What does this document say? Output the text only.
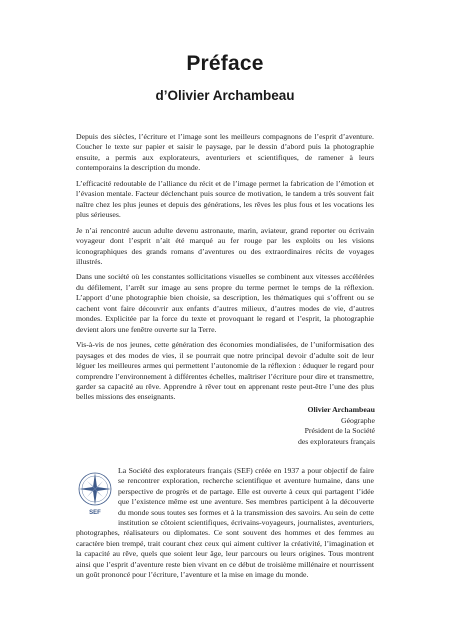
Préface
d’Olivier Archambeau

Depuis des siècles, l’écriture et l’image sont les meilleurs compagnons de l’esprit d’aventure. Coucher le texte sur papier et saisir le paysage, par le dessin d’abord puis la photographie ensuite, a permis aux explorateurs, aventuriers et scientifiques, de ramener à leurs contemporains la description du monde.

L’efficacité redoutable de l’alliance du récit et de l’image permet la fabrication de l’émotion et l’évasion mentale. Facteur déclenchant puis source de motivation, le tandem a très souvent fait naître chez les plus jeunes et depuis des générations, les rêves les plus fous et les vocations les plus sérieuses.

Je n’ai rencontré aucun adulte devenu astronaute, marin, aviateur, grand reporter ou écrivain voyageur dont l’esprit n’ait été marqué au fer rouge par les exploits ou les visions iconographiques des grands romans d’aventures ou des extraordinaires récits de voyages illustrés.

Dans une société où les constantes sollicitations visuelles se combinent aux vitesses accélérées du défilement, l’arrêt sur image au sens propre du terme permet le temps de la réflexion. L’apport d’une photographie bien choisie, sa description, les thématiques qui s’offrent ou se cachent vont faire découvrir aux enfants d’autres milieux, d’autres modes de vie, d’autres mondes. Explicitée par la force du texte et provoquant le regard et l’esprit, la photographie devient alors une fenêtre ouverte sur la Terre.

Vis-à-vis de nos jeunes, cette génération des économies mondialisées, de l’uniformisation des paysages et des modes de vies, il se pourrait que notre principal devoir d’adulte soit de leur léguer les meilleures armes qui permettent l’autonomie de la réflexion : éduquer le regard pour comprendre l’environnement à différentes échelles, maîtriser l’écriture pour dire et transmettre, garder sa capacité au rêve. Apprendre à rêver tout en apprenant reste peut-être l’une des plus belles missions des enseignants.

Olivier Archambeau
Géographe
Président de la Société
des explorateurs français
SEF

La Société des explorateurs français (SEF) créée en 1937 a pour objectif de faire se rencontrer exploration, recherche scientifique et aventure humaine, dans une perspective de progrès et de partage. Elle est ouverte à ceux qui partagent l’idée que l’existence même est une aventure. Ses membres participent à la découverte du monde sous toutes ses formes et à la transmission des savoirs. Au sein de cette institution se côtoient scientifiques, écrivains-voyageurs, journalistes, aventuriers, photographes, réalisateurs ou diplomates. Ce sont souvent des hommes et des femmes au caractère bien trempé, trait courant chez ceux qui aiment cultiver la créativité, l’imagination et la capacité au rêve, quels que soient leur âge, leur parcours ou leurs origines. Tous montrent ainsi que l’esprit d’aventure reste bien vivant en ce début de troisième millénaire et nourrissent un goût prononcé pour l’écriture, l’aventure et la mise en image du monde.
